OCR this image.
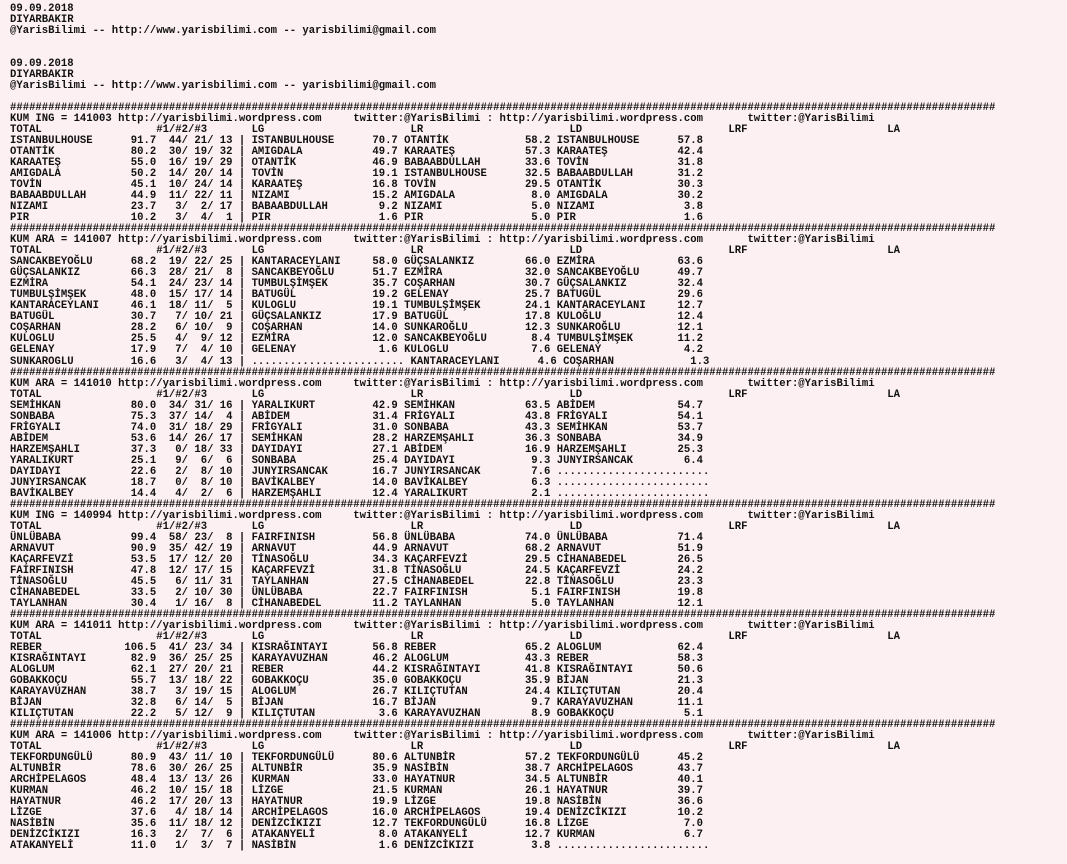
09.09.2018
DIYARBAKIR
@YarisBilimi -- http://www.yarisbilimi.com -- yarisbilimi@gmail.com
09.09.2018
DIYARBAKIR
@YarisBilimi -- http://www.yarisbilimi.com -- yarisbilimi@gmail.com
###########################################################################################################################################################
KUM ING = 141003 http://yarisbilimi.wordpress.com     twitter:@YarisBilimi : http://yarisbilimi.wordpress.com       twitter:@YarisBilimi
TOTAL                  #1/#2/#3       LG                       LR                       LD                       LRF                      LA
ISTANBULHOUSE      91.7  44/ 21/ 13 | ISTANBULHOUSE      70.7 OTANTİK            58.2 ISTANBULHOUSE      57.8
OTANTİK            80.2  30/ 19/ 32 | AMIGDALA           49.7 KARAATEŞ           57.3 KARAATEŞ           42.4
KARAATEŞ           55.0  16/ 19/ 29 | OTANTİK            46.9 BABAABDULLAH       33.6 TOVİN              31.8
AMIGDALA           50.2  14/ 20/ 14 | TOVİN              19.1 ISTANBULHOUSE      32.5 BABAABDULLAH       31.2
TOVİN              45.1  10/ 24/ 14 | KARAATEŞ           16.8 TOVİN              29.5 OTANTİK            30.3
BABAABDULLAH       44.9  11/ 22/ 11 | NIZAMI             15.2 AMIGDALA            8.0 AMIGDALA           30.2
NIZAMI             23.7   3/  2/ 17 | BABAABDULLAH        9.2 NIZAMI              5.0 NIZAMI              3.8
PIR                10.2   3/  4/  1 | PIR                 1.6 PIR                 5.0 PIR                 1.6
###########################################################################################################################################################
KUM ARA = 141007 http://yarisbilimi.wordpress.com     twitter:@YarisBilimi : http://yarisbilimi.wordpress.com       twitter:@YarisBilimi
TOTAL                  #1/#2/#3       LG                       LR                       LD                       LRF                      LA
SANCAKBEYOĞLU      68.2  19/ 22/ 25 | KANTARACEYLANI     58.0 GÜÇSALANKIZ        66.0 EZMİRA             63.6
GÜÇSALANKIZ        66.3  28/ 21/  8 | SANCAKBEYOĞLU      51.7 EZMİRA             32.0 SANCAKBEYOĞLU      49.7
EZMİRA             54.1  24/ 23/ 14 | TUMBULŞİMŞEK       35.7 COŞARHAN           30.7 GÜÇSALANKIZ        32.4
TUMBULŞİMŞEK       48.0  15/ 17/ 14 | BATUGÜL            19.2 GELENAY            25.7 BATUGÜL            29.6
KANTARACEYLANI     46.1  18/ 11/  5 | KULOGLU            19.1 TUMBULŞİMŞEK       24.1 KANTARACEYLANI     12.7
BATUGÜL            30.7   7/ 10/ 21 | GÜÇSALANKIZ        17.9 BATUGÜL            17.8 KULOĞLU            12.4
COŞARHAN           28.2   6/ 10/  9 | COŞARHAN           14.0 SUNKAROĞLU         12.3 SUNKAROĞLU         12.1
KULOGLU            25.5   4/  9/ 12 | EZMİRA             12.0 SANCAKBEYOĞLU       8.4 TUMBULŞİMŞEK       11.2
GELENAY            17.9   7/  4/ 10 | GELENAY             1.6 KULOGLU             7.6 GELENAY             4.2
SUNKAROGLU         16.6   3/  4/ 13 | ........................ KANTARACEYLANI      4.6 COŞARHAN            1.3
###########################################################################################################################################################
KUM ARA = 141010 http://yarisbilimi.wordpress.com     twitter:@YarisBilimi : http://yarisbilimi.wordpress.com       twitter:@YarisBilimi
TOTAL                  #1/#2/#3       LG                       LR                       LD                       LRF                      LA
SEMİHKAN           80.0  34/ 31/ 16 | YARALIKURT         42.9 SEMİHKAN           63.5 ABİDEM             54.7
SONBABA            75.3  37/ 14/  4 | ABİDEM             31.4 FRİGYALI           43.8 FRİGYALI           54.1
FRİGYALI           74.0  31/ 18/ 29 | FRİGYALI           31.0 SONBABA            43.3 SEMİHKAN           53.7
ABİDEM             53.6  14/ 26/ 17 | SEMİHKAN           28.2 HARZEMŞAHLI        36.3 SONBABA            34.9
HARZEMŞAHLI        37.3   0/ 18/ 33 | DAYIDAYI           27.1 ABİDEM             16.9 HARZEMŞAHLI        25.3
YARALIKURT         25.1   9/  6/  6 | SONBABA            25.4 DAYIDAYI            9.3 JUNYIRSANCAK        6.4
DAYIDAYI           22.6   2/  8/ 10 | JUNYIRSANCAK       16.7 JUNYIRSANCAK        7.6 ........................
JUNYIRSANCAK       18.7   0/  8/ 10 | BAVİKALBEY         14.0 BAVİKALBEY          6.3 ........................
BAVİKALBEY         14.4   4/  2/  6 | HARZEMŞAHLI        12.4 YARALIKURT          2.1 ........................
###########################################################################################################################################################
KUM ING = 140994 http://yarisbilimi.wordpress.com     twitter:@YarisBilimi : http://yarisbilimi.wordpress.com       twitter:@YarisBilimi
TOTAL                  #1/#2/#3       LG                       LR                       LD                       LRF                      LA
ÜNLÜBABA           99.4  58/ 23/  8 | FAIRFINISH         56.8 ÜNLÜBABA           74.0 ÜNLÜBABA           71.4
ARNAVUT            90.9  35/ 42/ 19 | ARNAVUT            44.9 ARNAVUT            68.2 ARNAVUT            51.9
KAÇARFEVZİ         53.5  17/ 12/ 20 | TİNASOĞLU          34.3 KAÇARFEVZİ         29.5 CİHANABEDEL        26.5
FAIRFINISH         47.8  12/ 17/ 15 | KAÇARFEVZİ         31.8 TİNASOĞLU          24.5 KAÇARFEVZİ         24.2
TİNASOĞLU          45.5   6/ 11/ 31 | TAYLANHAN          27.5 CİHANABEDEL        22.8 TİNASOĞLU          23.3
CİHANABEDEL        33.5   2/ 10/ 30 | ÜNLÜBABA           22.7 FAIRFINISH          5.1 FAIRFINISH         19.8
TAYLANHAN          30.4   1/ 16/  8 | CİHANABEDEL        11.2 TAYLANHAN           5.0 TAYLANHAN          12.1
###########################################################################################################################################################
KUM ARA = 141011 http://yarisbilimi.wordpress.com     twitter:@YarisBilimi : http://yarisbilimi.wordpress.com       twitter:@YarisBilimi
TOTAL                  #1/#2/#3       LG                       LR                       LD                       LRF                      LA
REBER             106.5  41/ 23/ 34 | KISRAĞINTAYI       56.8 REBER              65.2 ALOGLUM            62.4
KISRAĞINTAYI       82.9  36/ 25/ 25 | KARAYAVUZHAN       46.2 ALOGLUM            43.3 REBER              58.3
ALOGLUM            62.1  27/ 20/ 21 | REBER              44.2 KISRAĞINTAYI       41.8 KISRAĞINTAYI       50.6
GOBAKKOÇU          55.7  13/ 18/ 22 | GOBAKKOÇU          35.0 GOBAKKOÇU          35.9 BİJAN              21.3
KARAYAVUZHAN       38.7   3/ 19/ 15 | ALOGLUM            26.7 KILIÇTUTAN         24.4 KILIÇTUTAN         20.4
BİJAN              32.8   6/ 14/  5 | BİJAN              16.7 BİJAN               9.7 KARAYAVUZHAN       11.1
KILIÇTUTAN         22.2   5/ 12/  9 | KILIÇTUTAN          3.6 KARAYAVUZHAN        8.9 GOBAKKOÇU           5.1
###########################################################################################################################################################
KUM ARA = 141006 http://yarisbilimi.wordpress.com     twitter:@YarisBilimi : http://yarisbilimi.wordpress.com       twitter:@YarisBilimi
TOTAL                  #1/#2/#3       LG                       LR                       LD                       LRF                      LA
TEKFORDUNGÜLÜ      80.9  43/ 11/ 10 | TEKFORDUNGÜLÜ      80.6 ALTUNBİR           57.2 TEKFORDUNGÜLÜ      45.2
ALTUNBİR           78.6  30/ 26/ 25 | ALTUNBİR           35.9 NASİBİN            38.7 ARCHİPELAGOS       43.7
ARCHİPELAGOS       48.4  13/ 13/ 26 | KURMAN             33.0 HAYATNUR           34.5 ALTUNBİR           40.1
KURMAN             46.2  10/ 15/ 18 | LİZGE              21.5 KURMAN             26.1 HAYATNUR           39.7
HAYATNUR           46.2  17/ 20/ 13 | HAYATNUR           19.9 LİZGE              19.8 NASİBİN            36.6
LİZGE              37.6   4/ 18/ 14 | ARCHİPELAGOS       16.0 ARCHİPELAGOS       19.4 DENİZCİKIZI        10.2
NASİBİN            35.6  11/ 18/ 12 | DENİZCİKIZI        12.7 TEKFORDUNGÜLÜ      16.8 LİZGE               7.0
DENİZCİKIZI        16.3   2/  7/  6 | ATAKANYELİ          8.0 ATAKANYELİ         12.7 KURMAN              6.7
ATAKANYELİ         11.0   1/  3/  7 | NASİBİN             1.6 DENİZCİKIZI         3.8 ........................
